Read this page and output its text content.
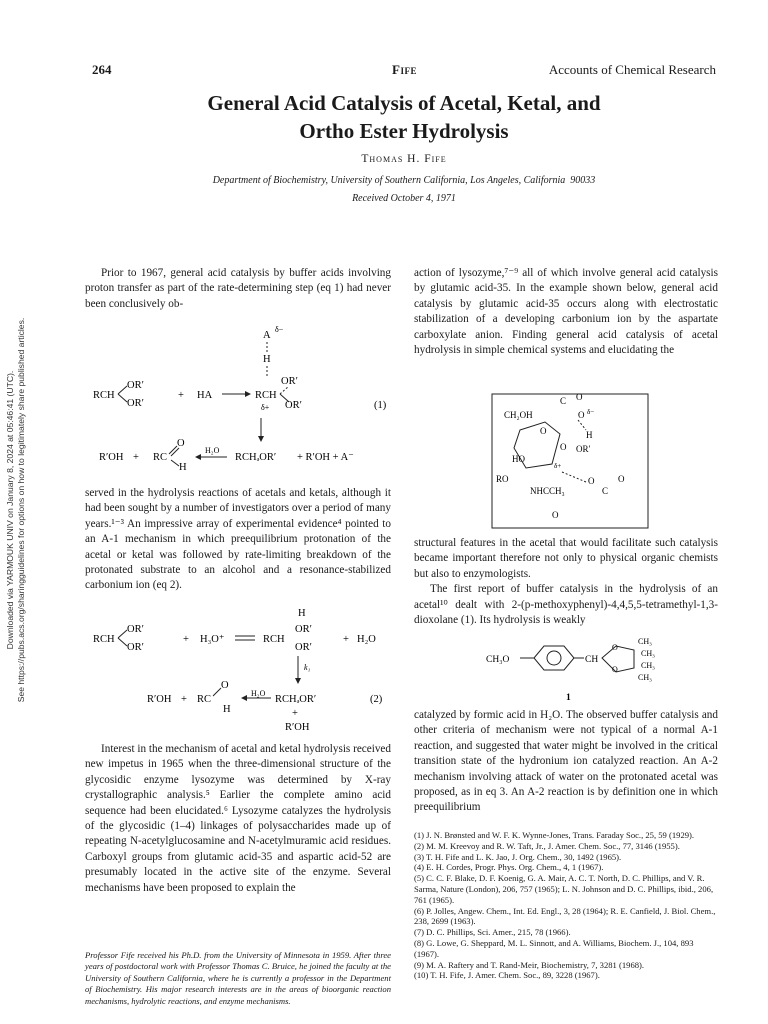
Downloaded via YARMOUK UNIV on January 8, 2024 at 05:46:41 (UTC). See https://pubs.acs.org/sharingguidelines for options on how to legitimately share published articles.
264	Fife	Accounts of Chemical Research
General Acid Catalysis of Acetal, Ketal, and
Ortho Ester Hydrolysis
Thomas H. Fife
Department of Biochemistry, University of Southern California, Los Angeles, California 90033
Received October 4, 1971

Prior to 1967, general acid catalysis by buffer acids involving proton transfer as part of the rate-determining step (eq 1) had never been conclusively ob-

A
δ−
H
RCH
OR′
OR′
+ HA	RCH
OR′
OR′
δ+	(1)
R′OH + RC
O
H
H₂O
RCHₔOR′ + R′OH + A⁻

served in the hydrolysis reactions of acetals and ketals, although it had been sought by a number of investigators over a period of many years.¹⁻³ An impressive array of experimental evidence⁴ pointed to an A-1 mechanism in which preequilibrium protonation of the acetal or ketal was followed by rate-limiting breakdown of the protonated substrate to an alcohol and a resonance-stabilized carbonium ion (eq 2).

RCH
OR′
OR′
+ H₃O⁺	RCH
H
OR′
OR′
+ H₂O
k₁
R′OH + RC
O
H
H₂O
RCHₔOR′	(2)
+
R′OH

Interest in the mechanism of acetal and ketal hydrolysis received new impetus in 1965 when the three-dimensional structure of the glycosidic enzyme lysozyme was determined by X-ray crystallographic analysis.⁵ Earlier the complete amino acid sequence had been elucidated.⁶ Lysozyme catalyzes the hydrolysis of the glycosidic (1–4) linkages of polysaccharides made up of repeating N-acetylglucosamine and N-acetylmuramic acid residues. Carboxyl groups from glutamic acid-35 and aspartic acid-52 are presumably located in the active site of the enzyme. Several mechanisms have been proposed to explain the

Professor Fife received his Ph.D. from the University of Minnesota in 1959. After three years of postdoctoral work with Professor Thomas C. Bruice, he joined the faculty at the University of Southern California, where he is currently a professor in the Department of Biochemistry. His major research interests are in the areas of bioorganic reaction mechanisms, hydrolytic reactions, and enzyme mechanisms.

action of lysozyme,⁷⁻⁹ all of which involve general acid catalysis by glutamic acid-35. In the example shown below, general acid catalysis by glutamic acid-35 occurs along with electrostatic stabilization of a developing carbonium ion by the aspartate carboxylate anion. Finding general acid catalysis of acetal hydrolysis in simple chemical systems and elucidating the

C O
O δ−
H
CH₂OH
O
O OR′
δ+
HO
RO
NHCCH₃
O
O
C
O

structural features in the acetal that would facilitate such catalysis became important therefore not only to physical organic chemists but also to enzymologists.

The first report of buffer catalysis in the hydrolysis of an acetal¹⁰ dealt with 2-(p-methoxyphenyl)-4,4,5,5-tetramethyl-1,3-dioxolane (1). Its hydrolysis is weakly

CH₃O	CH
O
O
CH₃
CH₃
CH₃
CH₃
1

catalyzed by formic acid in H₂O. The observed buffer catalysis and other criteria of mechanism were not typical of a normal A-1 reaction, and suggested that water might be involved in the critical transition state of the hydronium ion catalyzed reaction. An A-2 mechanism involving attack of water on the protonated acetal was proposed, as in eq 3. An A-2 reaction is by definition one in which preequilibrium

(1) J. N. Brønsted and W. F. K. Wynne-Jones, Trans. Faraday Soc., 25, 59 (1929).
(2) M. M. Kreevoy and R. W. Taft, Jr., J. Amer. Chem. Soc., 77, 3146 (1955).
(3) T. H. Fife and L. K. Jao, J. Org. Chem., 30, 1492 (1965).
(4) E. H. Cordes, Progr. Phys. Org. Chem., 4, 1 (1967).
(5) C. C. F. Blake, D. F. Koenig, G. A. Mair, A. C. T. North, D. C. Phillips, and V. R. Sarma, Nature (London), 206, 757 (1965); L. N. Johnson and D. C. Phillips, ibid., 206, 761 (1965).
(6) P. Jolles, Angew. Chem., Int. Ed. Engl., 3, 28 (1964); R. E. Canfield, J. Biol. Chem., 238, 2699 (1963).
(7) D. C. Phillips, Sci. Amer., 215, 78 (1966).
(8) G. Lowe, G. Sheppard, M. L. Sinnott, and A. Williams, Biochem. J., 104, 893 (1967).
(9) M. A. Raftery and T. Rand-Meir, Biochemistry, 7, 3281 (1968).
(10) T. H. Fife, J. Amer. Chem. Soc., 89, 3228 (1967).
